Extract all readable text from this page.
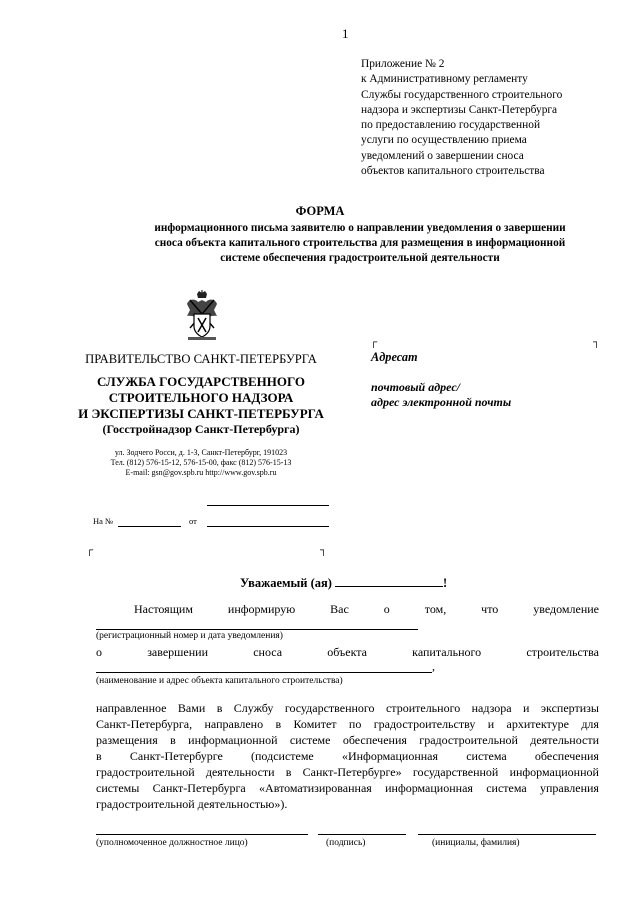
1
Приложение № 2
к Административному регламенту
Службы государственного строительного
надзора и экспертизы Санкт-Петербурга
по предоставлению государственной
услуги по осуществлению приема
уведомлений о завершении сноса
объектов капитального строительства
ФОРМА
информационного письма заявителю о направлении уведомления о завершении
сноса объекта капитального строительства для размещения в информационной
системе обеспечения градостроительной деятельности
ПРАВИТЕЛЬСТВО САНКТ-ПЕТЕРБУРГА
СЛУЖБА ГОСУДАРСТВЕННОГО
СТРОИТЕЛЬНОГО НАДЗОРА
И ЭКСПЕРТИЗЫ САНКТ-ПЕТЕРБУРГА
(Госстройнадзор Санкт-Петербурга)
ул. Зодчего Росси, д. 1-3, Санкт-Петербург, 191023
Тел. (812) 576-15-12, 576-15-00, факс (812) 576-15-13
E-mail: gsn@gov.spb.ru http://www.gov.spb.ru
┌	┐
Адресат
почтовый адрес/
адрес электронной почты
На №	от
┌	┐
Уважаемый (ая)	!
Настоящим	информирую	Вас	о	том,	что	уведомление
(регистрационный номер и дата уведомления)
о	завершении	сноса	объекта	капитального	строительства
,
(наименование и адрес объекта капитального строительства)
направленное Вами в Службу государственного строительного надзора и экспертизы
Санкт-Петербурга, направлено в Комитет по градостроительству и архитектуре для
размещения в информационной системе обеспечения градостроительной деятельности
в Санкт-Петербурге (подсистеме «Информационная система обеспечения
градостроительной деятельности в Санкт-Петербурге» государственной информационной
системы Санкт-Петербурга «Автоматизированная информационная система управления
градостроительной деятельностью»).
(уполномоченное должностное лицо)	(подпись)	(инициалы, фамилия)
